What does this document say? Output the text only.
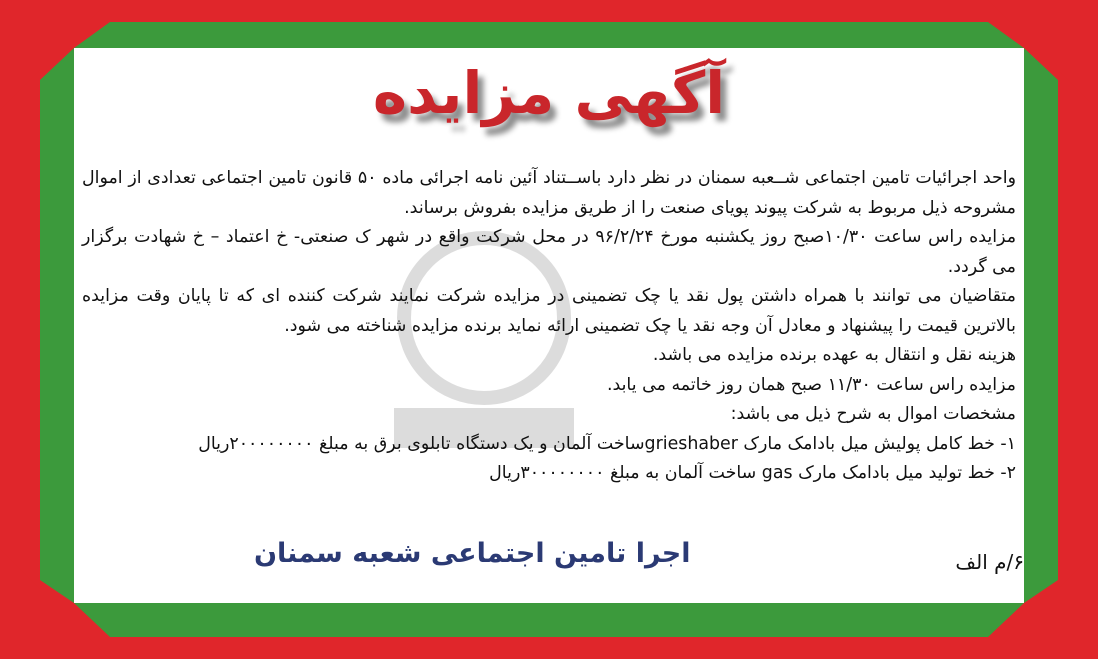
آگهی مزایده

واحد اجرائیات تامین اجتماعی شــعبه سمنان در نظر دارد باســتناد آئین نامه اجرائی ماده ۵۰ قانون تامین اجتماعی تعدادی از اموال مشروحه ذیل مربوط به شرکت پیوند پویای صنعت را از طریق مزایده بفروش برساند.

مزایده راس ساعت ۱۰/۳۰صبح روز یکشنبه مورخ ۹۶/۲/۲۴ در محل شرکت واقع در شهر ک صنعتی- خ اعتماد – خ شهادت برگزار می گردد.

متقاضیان می توانند با همراه داشتن پول نقد یا چک تضمینی در مزایده شرکت نمایند شرکت کننده ای که تا پایان وقت مزایده بالاترین قیمت را پیشنهاد و معادل آن وجه نقد یا چک تضمینی ارائه نماید برنده مزایده شناخته می شود.

هزینه نقل و انتقال به عهده برنده مزایده می باشد.

مزایده راس ساعت ۱۱/۳۰ صبح همان روز خاتمه می یابد.

مشخصات اموال به شرح ذیل می باشد:

۱- خط کامل پولیش میل بادامک مارک grieshaberساخت آلمان و یک دستگاه تابلوی برق به مبلغ ۲۰۰۰۰۰۰۰۰ریال

۲- خط تولید میل بادامک مارک gas ساخت آلمان به مبلغ ۳۰۰۰۰۰۰۰۰ریال

۶/م الف
اجرا تامین اجتماعی شعبه سمنان
